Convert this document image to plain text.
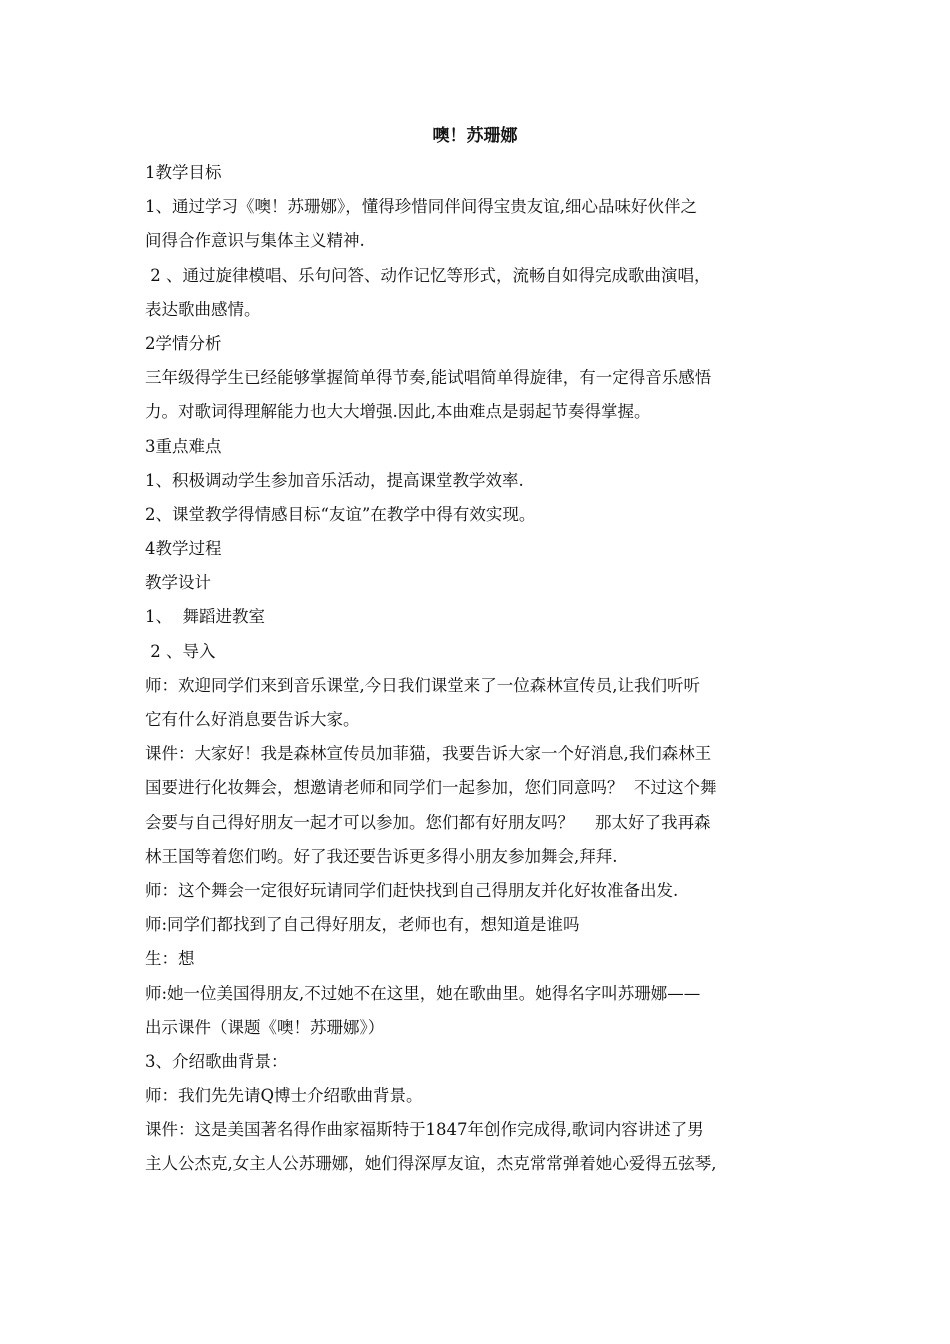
噢！苏珊娜
1教学目标
1、通过学习《噢！苏珊娜》，懂得珍惜同伴间得宝贵友谊,细心品味好伙伴之
间得合作意识与集体主义精神.
2 、通过旋律模唱、乐句问答、动作记忆等形式，流畅自如得完成歌曲演唱，
表达歌曲感情。
2学情分析
三年级得学生已经能够掌握简单得节奏,能试唱简单得旋律，有一定得音乐感悟
力。对歌词得理解能力也大大增强.因此,本曲难点是弱起节奏得掌握。
3重点难点
1、积极调动学生参加音乐活动，提高课堂教学效率.
2、课堂教学得情感目标“友谊”在教学中得有效实现。
4教学过程
教学设计
1、  舞蹈进教室
2 、导入
师：欢迎同学们来到音乐课堂,今日我们课堂来了一位森林宣传员,让我们听听
它有什么好消息要告诉大家。
课件：大家好！我是森林宣传员加菲猫，我要告诉大家一个好消息,我们森林王
国要进行化妆舞会，想邀请老师和同学们一起参加，您们同意吗？  不过这个舞
会要与自己得好朋友一起才可以参加。您们都有好朋友吗？    那太好了我再森
林王国等着您们哟。好了我还要告诉更多得小朋友参加舞会,拜拜.
师：这个舞会一定很好玩请同学们赶快找到自己得朋友并化好妆准备出发.
师:同学们都找到了自己得好朋友，老师也有，想知道是谁吗
生：想
师:她一位美国得朋友,不过她不在这里，她在歌曲里。她得名字叫苏珊娜——
出示课件（课题《噢！苏珊娜》）
3、介绍歌曲背景：
师：我们先先请Q博士介绍歌曲背景。
课件：这是美国著名得作曲家福斯特于1847年创作完成得,歌词内容讲述了男
主人公杰克,女主人公苏珊娜，她们得深厚友谊，杰克常常弹着她心爱得五弦琴,
